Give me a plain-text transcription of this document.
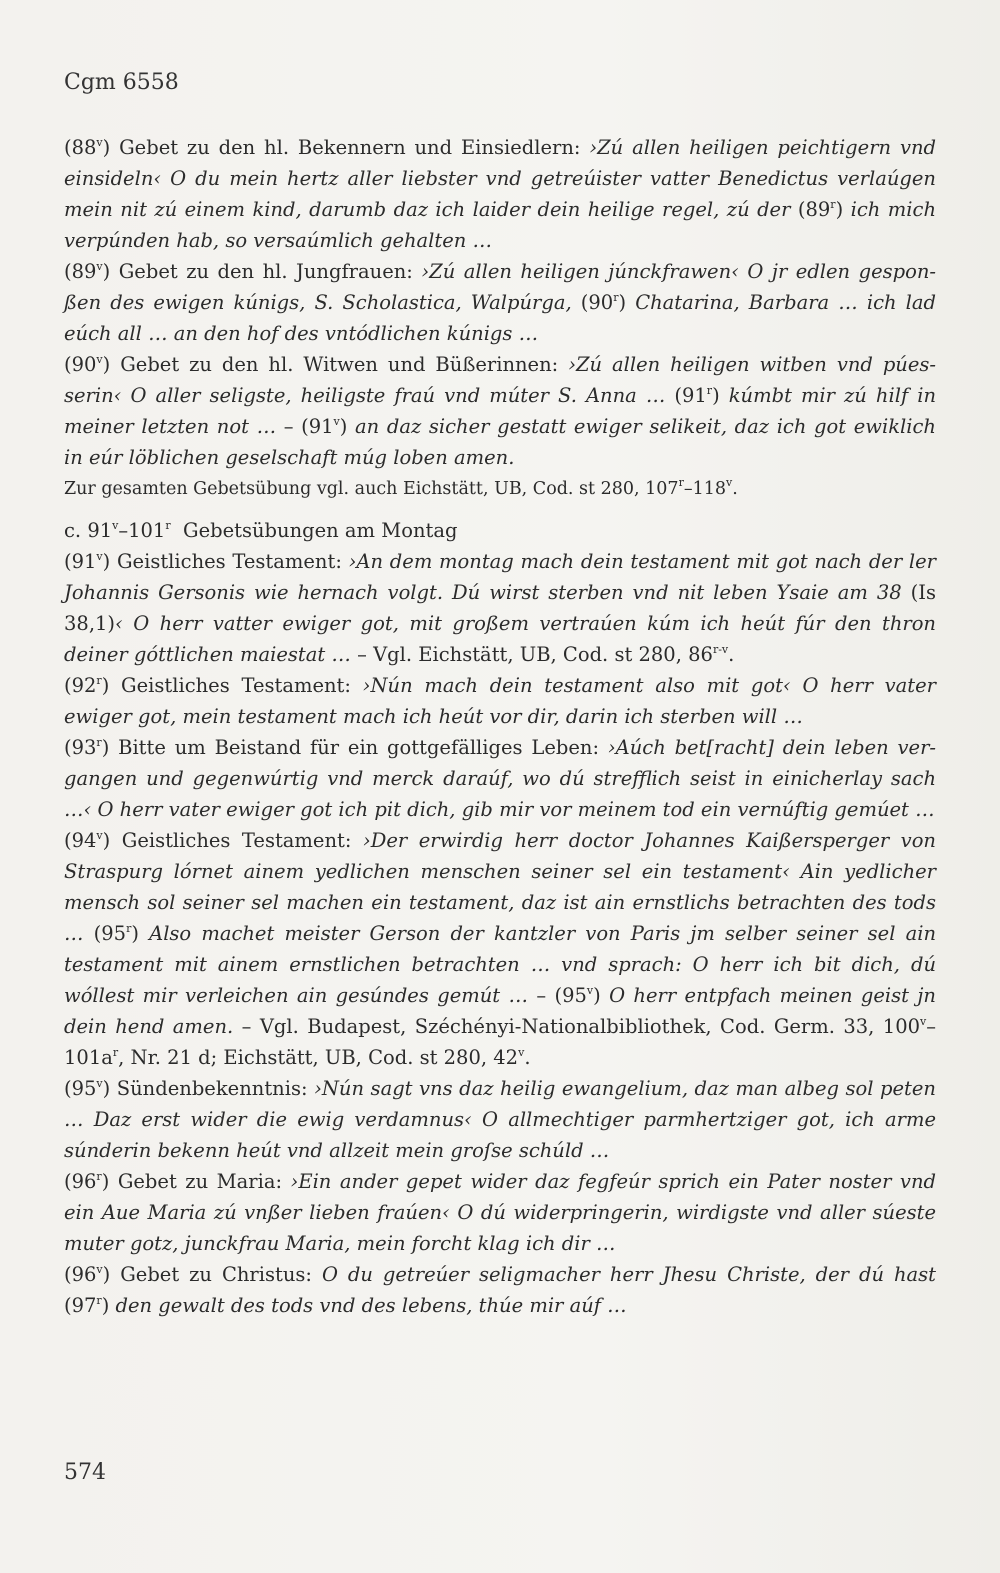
Cgm 6558

(88$^v$) Gebet zu den hl. Bekennern und Einsiedlern: ›Zú allen heiligen peichtigern vnd einsideln‹ O du mein hertz aller liebster vnd getreúister vatter Benedictus verlaúgen mein nit zú einem kind, darumb daz ich laider dein heilige regel, zú der (89$^r$) ich mich verpúnden hab, so versaúmlich gehalten …

(89$^v$) Gebet zu den hl. Jungfrauen: ›Zú allen heiligen júnckfrawen‹ O jr edlen gesponßen des ewigen kúnigs, S. Scholastica, Walpúrga, (90$^r$) Chatarina, Barbara … ich lad eúch all … an den hof des vntódlichen kúnigs …

(90$^v$) Gebet zu den hl. Witwen und Büßerinnen: ›Zú allen heiligen witben vnd púesserin‹ O aller seligste, heiligste fraú vnd múter S. Anna … (91$^r$) kúmbt mir zú hilf in meiner letzten not … – (91$^v$) an daz sicher gestatt ewiger selikeit, daz ich got ewiklich in eúr löblichen geselschaft múg loben amen.

Zur gesamten Gebetsübung vgl. auch Eichstätt, UB, Cod. st 280, 107$^r$–118$^v$.

c. 91$^v$–101$^r$  Gebetsübungen am Montag

(91$^v$) Geistliches Testament: ›An dem montag mach dein testament mit got nach der ler Johannis Gersonis wie hernach volgt. Dú wirst sterben vnd nit leben Ysaie am 38 (Is 38,1)‹ O herr vatter ewiger got, mit großem vertraúen kúm ich heút fúr den thron deiner góttlichen maiestat … – Vgl. Eichstätt, UB, Cod. st 280, 86$^{r-v}$.

(92$^r$) Geistliches Testament: ›Nún mach dein testament also mit got‹ O herr vater ewiger got, mein testament mach ich heút vor dir, darin ich sterben will …

(93$^r$) Bitte um Beistand für ein gottgefälliges Leben: ›Aúch bet[racht] dein leben vergangen und gegenwúrtig vnd merck daraúf, wo dú strefflich seist in einicherlay sach …‹ O herr vater ewiger got ich pit dich, gib mir vor meinem tod ein vernúftig gemúet …

(94$^v$) Geistliches Testament: ›Der erwirdig herr doctor Johannes Kaißersperger von Straspurg lórnet ainem yedlichen menschen seiner sel ein testament‹ Ain yedlicher mensch sol seiner sel machen ein testament, daz ist ain ernstlichs betrachten des tods … (95$^r$) Also machet meister Gerson der kantzler von Paris jm selber seiner sel ain testament mit ainem ernstlichen betrachten … vnd sprach: O herr ich bit dich, dú wóllest mir verleichen ain gesúndes gemút … – (95$^v$) O herr entpfach meinen geist jn dein hend amen. – Vgl. Budapest, Széchényi-Nationalbibliothek, Cod. Germ. 33, $100^v-101a^r$, Nr. 21 d; Eichstätt, UB, Cod. st 280, 42$^v$.

(95$^v$) Sündenbekenntnis: ›Nún sagt vns daz heilig ewangelium, daz man albeg sol peten … Daz erst wider die ewig verdamnus‹ O allmechtiger parmhertziger got, ich arme súnderin bekenn heút vnd allzeit mein groſse schúld …

(96$^r$) Gebet zu Maria: ›Ein ander gepet wider daz fegfeúr sprich ein Pater noster vnd ein Aue Maria zú vnßer lieben fraúen‹ O dú widerpringerin, wirdigste vnd aller súeste muter gotz, junckfrau Maria, mein forcht klag ich dir …

(96$^v$) Gebet zu Christus: O du getreúer seligmacher herr Jhesu Christe, der dú hast (97$^r$) den gewalt des tods vnd des lebens, thúe mir aúf …

574
